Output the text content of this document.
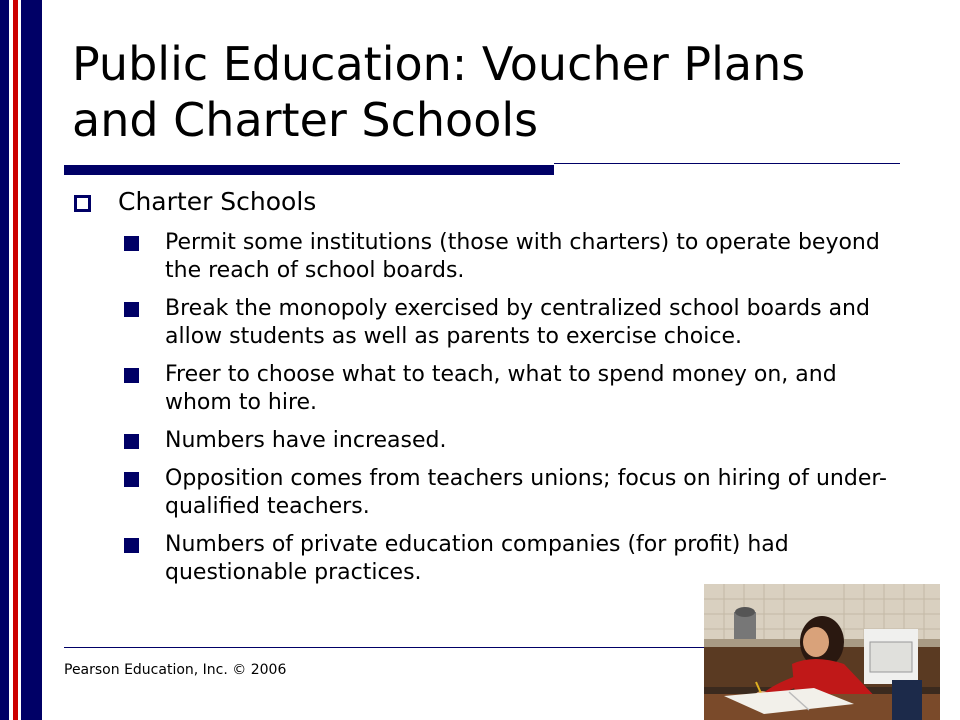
Public Education: Voucher Plans and Charter Schools
Charter Schools
Permit some institutions (those with charters) to operate beyond the reach of school boards.
Break the monopoly exercised by centralized school boards and allow students as well as parents to exercise choice.
Freer to choose what to teach, what to spend money on, and whom to hire.
Numbers have increased.
Opposition comes from teachers unions; focus on hiring of under-qualified teachers.
Numbers of private education companies (for profit) had questionable practices.
Pearson Education, Inc. © 2006
